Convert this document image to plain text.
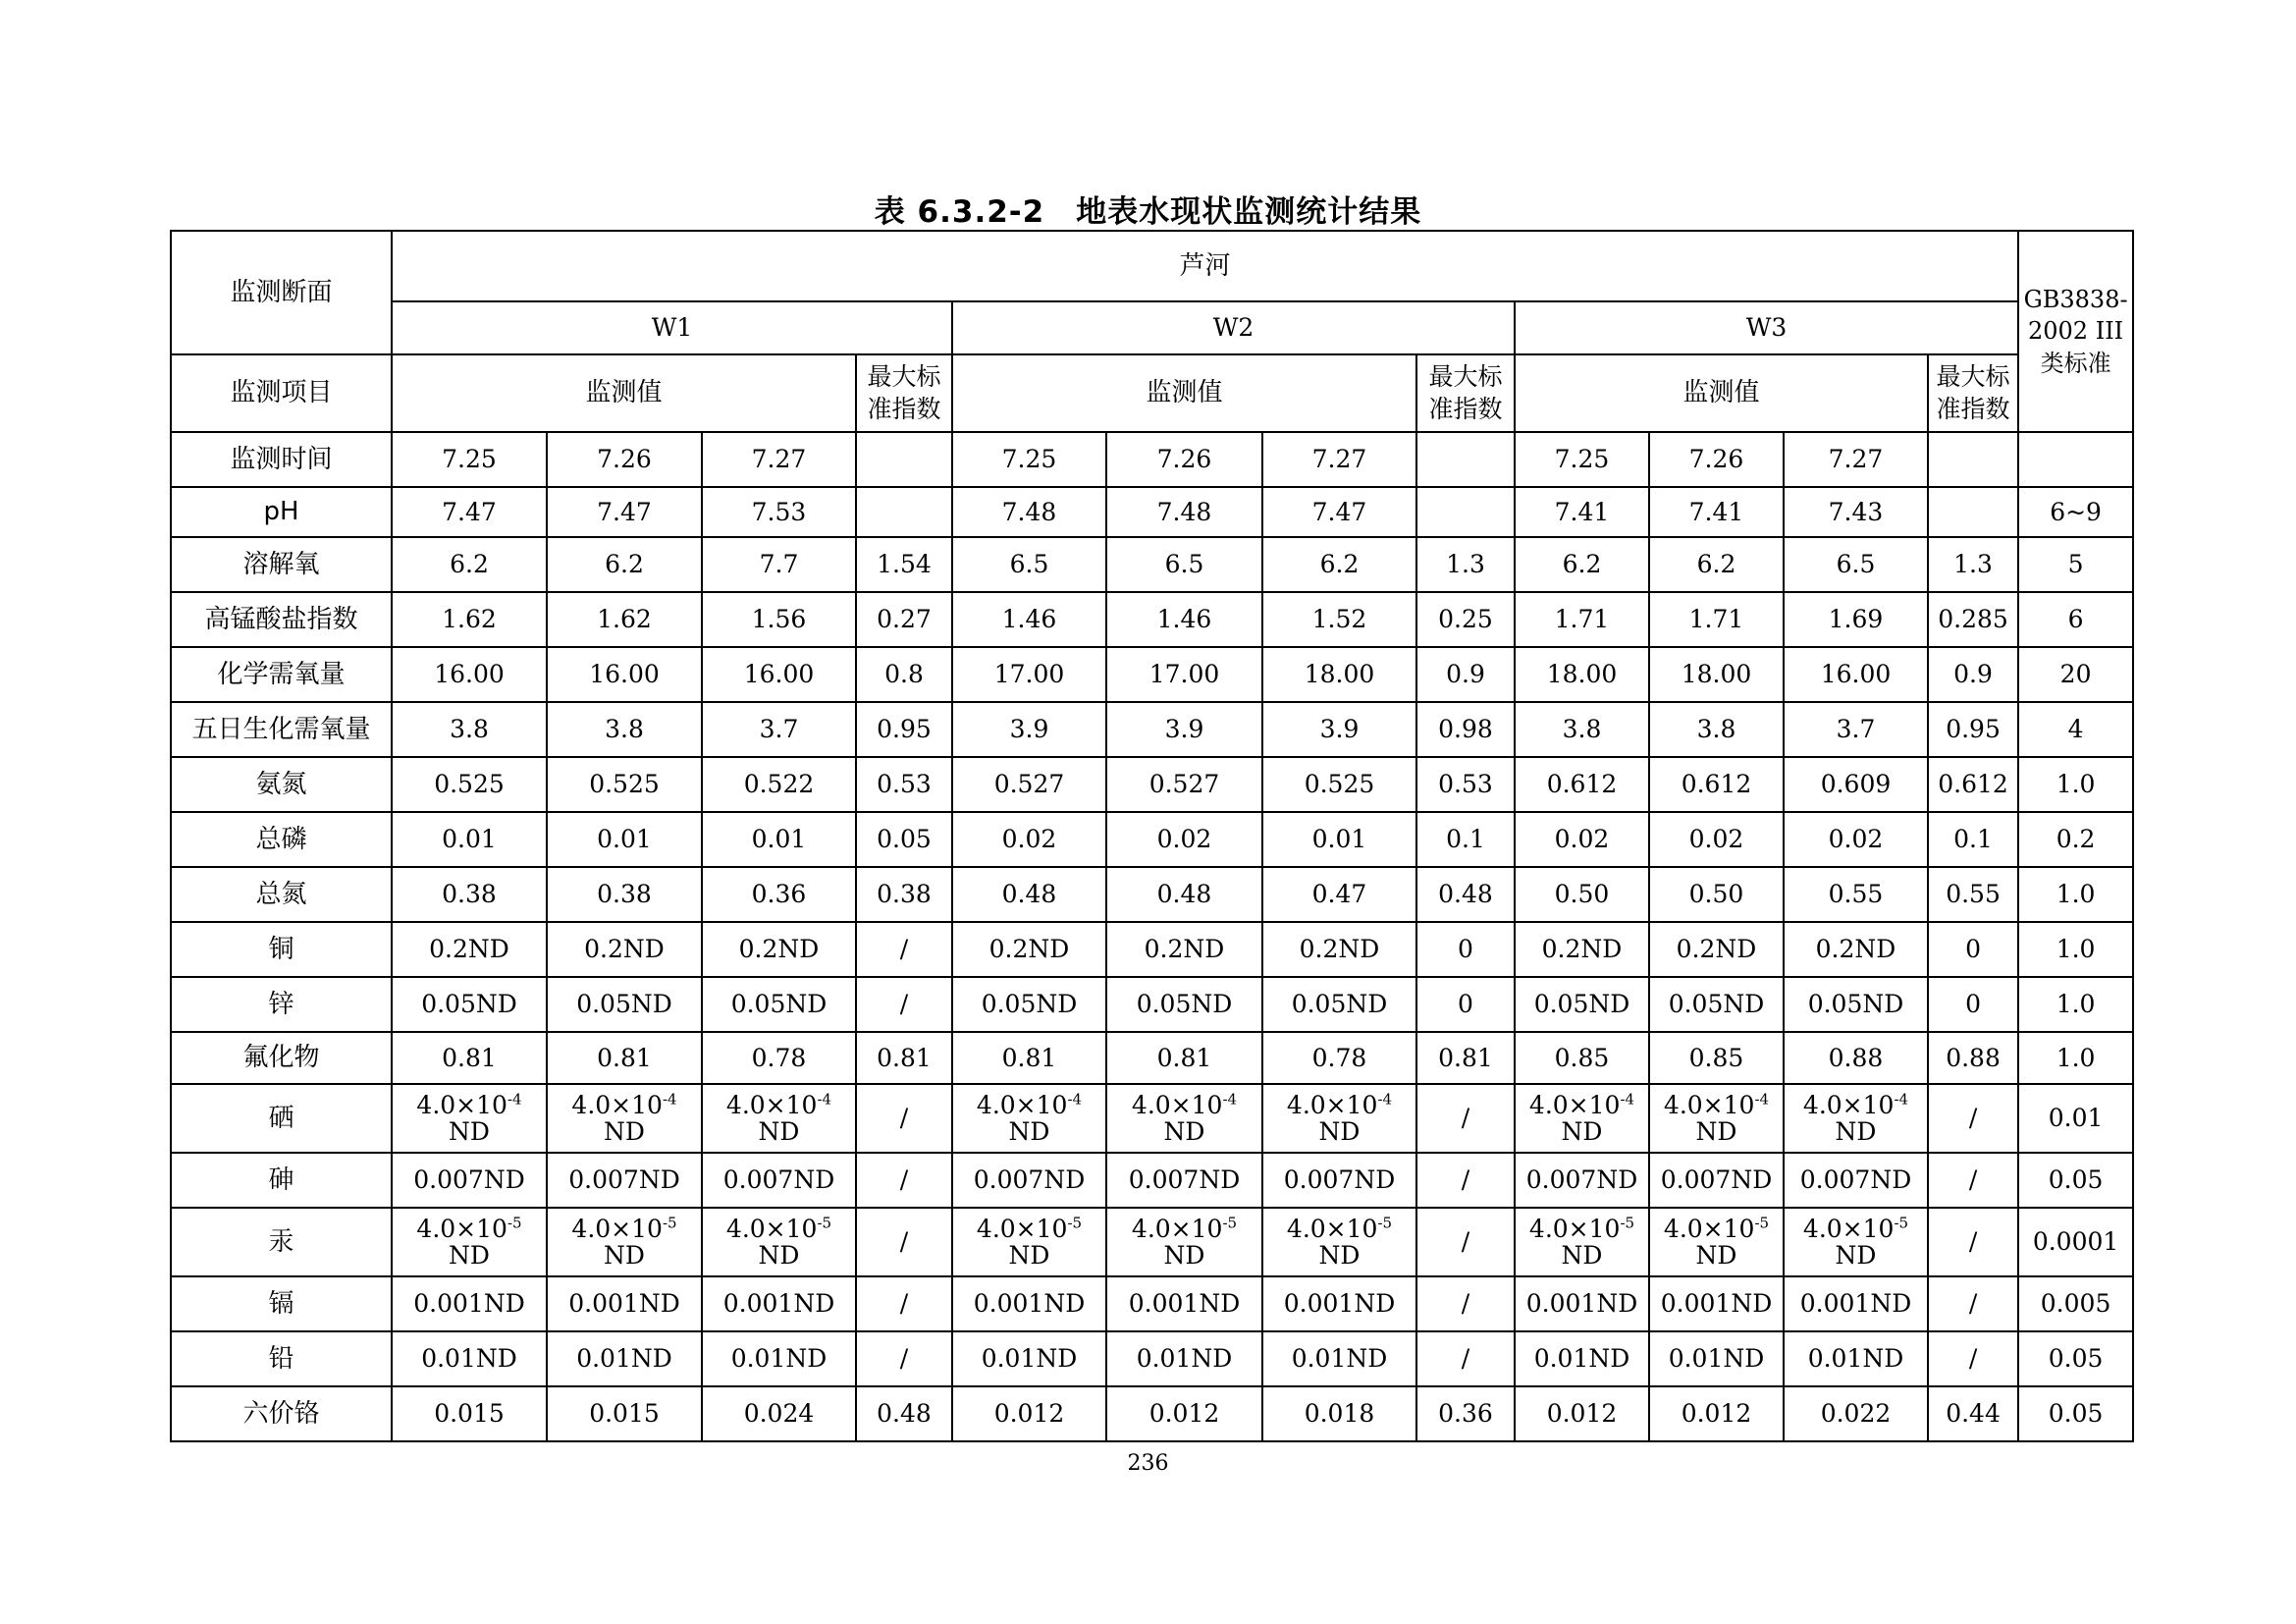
表 6.3.2-2　地表水现状监测统计结果
监测断面	芦河												GB3838-2002 III类标准
	W1				W2				W3				
监测项目	监测值			最大标准指数	监测值			最大标准指数	监测值			最大标准指数	
监测时间	7.25	7.26	7.27		7.25	7.26	7.27		7.25	7.26	7.27		
pH	7.47	7.47	7.53		7.48	7.48	7.47		7.41	7.41	7.43		6~9
溶解氧	6.2	6.2	7.7	1.54	6.5	6.5	6.2	1.3	6.2	6.2	6.5	1.3	5
高锰酸盐指数	1.62	1.62	1.56	0.27	1.46	1.46	1.52	0.25	1.71	1.71	1.69	0.285	6
化学需氧量	16.00	16.00	16.00	0.8	17.00	17.00	18.00	0.9	18.00	18.00	16.00	0.9	20
五日生化需氧量	3.8	3.8	3.7	0.95	3.9	3.9	3.9	0.98	3.8	3.8	3.7	0.95	4
氨氮	0.525	0.525	0.522	0.53	0.527	0.527	0.525	0.53	0.612	0.612	0.609	0.612	1.0
总磷	0.01	0.01	0.01	0.05	0.02	0.02	0.01	0.1	0.02	0.02	0.02	0.1	0.2
总氮	0.38	0.38	0.36	0.38	0.48	0.48	0.47	0.48	0.50	0.50	0.55	0.55	1.0
铜	0.2ND	0.2ND	0.2ND	/	0.2ND	0.2ND	0.2ND	0	0.2ND	0.2ND	0.2ND	0	1.0
锌	0.05ND	0.05ND	0.05ND	/	0.05ND	0.05ND	0.05ND	0	0.05ND	0.05ND	0.05ND	0	1.0
氟化物	0.81	0.81	0.78	0.81	0.81	0.81	0.78	0.81	0.85	0.85	0.88	0.88	1.0
硒	$4.0\times 10^{-4}$ ND	$4.0\times 10^{-4}$ ND	$4.0\times 10^{-4}$ ND	/	$4.0\times 10^{-4}$ ND	$4.0\times 10^{-4}$ ND	$4.0\times 10^{-4}$ ND	/	$4.0\times 10^{-4}$ ND	$4.0\times 10^{-4}$ ND	$4.0\times 10^{-4}$ ND	/	0.01
砷	0.007ND	0.007ND	0.007ND	/	0.007ND	0.007ND	0.007ND	/	0.007ND	0.007ND	0.007ND	/	0.05
汞	$4.0\times 10^{-5}$ ND	$4.0\times 10^{-5}$ ND	$4.0\times 10^{-5}$ ND	/	$4.0\times 10^{-5}$ ND	$4.0\times 10^{-5}$ ND	$4.0\times 10^{-5}$ ND	/	$4.0\times 10^{-5}$ ND	$4.0\times 10^{-5}$ ND	$4.0\times 10^{-5}$ ND	/	0.0001
镉	0.001ND	0.001ND	0.001ND	/	0.001ND	0.001ND	0.001ND	/	0.001ND	0.001ND	0.001ND	/	0.005
铅	0.01ND	0.01ND	0.01ND	/	0.01ND	0.01ND	0.01ND	/	0.01ND	0.01ND	0.01ND	/	0.05
六价铬	0.015	0.015	0.024	0.48	0.012	0.012	0.018	0.36	0.012	0.012	0.022	0.44	0.05
236
